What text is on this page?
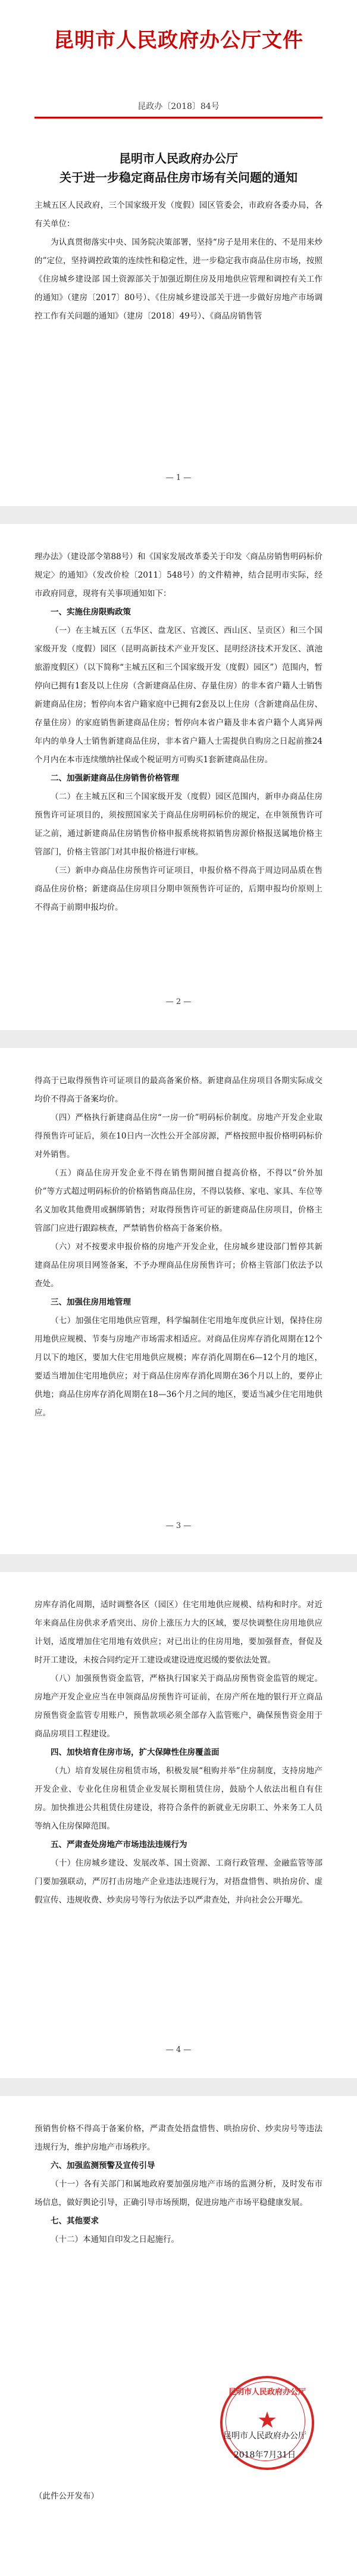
昆明市人民政府办公厅文件
昆政办〔2018〕84号
昆明市人民政府办公厅
关于进一步稳定商品住房市场有关问题的通知

主城五区人民政府，三个国家级开发（度假）园区管委会，市政府各委办局，各有关单位：

为认真贯彻落实中央、国务院决策部署，坚持“房子是用来住的、不是用来炒的”定位，坚持调控政策的连续性和稳定性，进一步稳定我市商品住房市场，按照《住房城乡建设部 国土资源部关于加强近期住房及用地供应管理和调控有关工作的通知》（建房〔2017〕80号）、《住房城乡建设部关于进一步做好房地产市场调控工作有关问题的通知》（建房〔2018〕49号）、《商品房销售管

— 1 —

理办法》（建设部令第88号）和《国家发展改革委关于印发〈商品房销售明码标价规定〉的通知》（发改价检〔2011〕548号）的文件精神，结合昆明市实际，经市政府同意，现将有关事项通知如下：

一、实施住房限购政策

（一）在主城五区（五华区、盘龙区、官渡区、西山区、呈贡区）和三个国家级开发（度假）园区（昆明高新技术产业开发区、昆明经济技术开发区、滇池旅游度假区）（以下简称“主城五区和三个国家级开发（度假）园区”）范围内，暂停向已拥有1套及以上住房（含新建商品住房、存量住房）的非本省户籍人士销售新建商品住房；暂停向本省户籍家庭中已拥有2套及以上住房（含新建商品住房、存量住房）的家庭销售新建商品住房；暂停向本省户籍及非本省户籍个人离异两年内的单身人士销售新建商品住房，非本省户籍人士需提供自购房之日起前推24个月内在本市连续缴纳社保或个税证明方可购买1套新建商品住房。

二、加强新建商品住房销售价格管理

（二）在主城五区和三个国家级开发（度假）园区范围内，新申办商品住房预售许可证项目的，须按照国家关于商品住房明码标价的规定，在申领预售许可证之前，通过新建商品住房销售价格申报系统将拟销售房源价格报送属地价格主管部门，价格主管部门对其申报价格进行审核。

（三）新申办商品住房预售许可证项目，申报价格不得高于周边同品质在售商品住房价格；新建商品住房项目分期申领预售许可证的，后期申报均价原则上不得高于前期申报均价。

— 2 —

得高于已取得预售许可证项目的最高备案价格。新建商品住房项目各期实际成交均价不得高于备案均价。

（四）严格执行新建商品住房“一房一价”明码标价制度。房地产开发企业取得预售许可证后，须在10日内一次性公开全部房源，严格按照申报价格明码标价对外销售。

（五）商品住房开发企业不得在销售期间擅自提高价格，不得以“价外加价”等方式超过明码标价的价格销售商品住房，不得以装修、家电、家具、车位等名义加收其他费用或捆绑销售；对取得预售许可证的新建商品住房项目，价格主管部门应进行跟踪核查，严禁销售价格高于备案价格。

（六）对不按要求申报价格的房地产开发企业，住房城乡建设部门暂停其新建商品住房项目网签备案，不予办理商品住房预售许可；价格主管部门依法予以查处。

三、加强住房用地管理

（七）加强住宅用地供应管理，科学编制住宅用地年度供应计划，保持住房用地供应规模、节奏与房地产市场需求相适应。对商品住房库存消化周期在12个月以下的地区，要加大住宅用地供应规模；库存消化周期在6—12个月的地区，要适当增加住宅用地供应；对于商品住房库存消化周期在36个月以上的，要停止供地；商品住房库存消化周期在18—36个月之间的地区，要适当减少住宅用地供应。

— 3 —

房库存消化周期，适时调整各区（园区）住宅用地供应规模、结构和时序。对近年来商品住房供求矛盾突出、房价上涨压力大的区域，要尽快调整住房用地供应计划，适度增加住宅用地有效供应；对已出让的住房用地，要加强督查，督促及时开工建设，未按合同约定开工建设或建设进度迟缓的要依法处置。

（八）加强预售资金监管，严格执行国家关于商品房预售资金监管的规定。房地产开发企业应当在申领商品房预售许可证前，在房产所在地的银行开立商品房预售资金监管专用账户，预售款项必须全部存入监管账户，确保预售资金用于商品房项目工程建设。

四、加快培育住房市场，扩大保障性住房覆盖面

（九）培育发展住房租赁市场，积极发展“租购并举”住房制度，支持房地产开发企业、专业化住房租赁企业发展长期租赁住房，鼓励个人依法出租自有住房。加快推进公共租赁住房建设，将符合条件的新就业无房职工、外来务工人员等纳入住房保障范围。

五、严肃查处房地产市场违法违规行为

（十）住房城乡建设、发展改革、国土资源、工商行政管理、金融监管等部门要加强联动，严厉打击房地产企业违法违规行为，对捂盘惜售、哄抬房价、虚假宣传、违规收费、炒卖房号等行为依法予以严肃查处，并向社会公开曝光。

— 4 —

预销售价格不得高于备案价格，严肃查处捂盘惜售、哄抬房价、炒卖房号等违法违规行为，维护房地产市场秩序。

六、加强监测预警及宣传引导

（十一）各有关部门和属地政府要加强房地产市场的监测分析，及时发布市场信息，做好舆论引导，正确引导市场预期，促进房地产市场平稳健康发展。

七、其他要求

（十二）本通知自印发之日起施行。

昆明市人民政府办公厅
★
昆明市人民政府办公厅
2018年7月31日
（此件公开发布）
